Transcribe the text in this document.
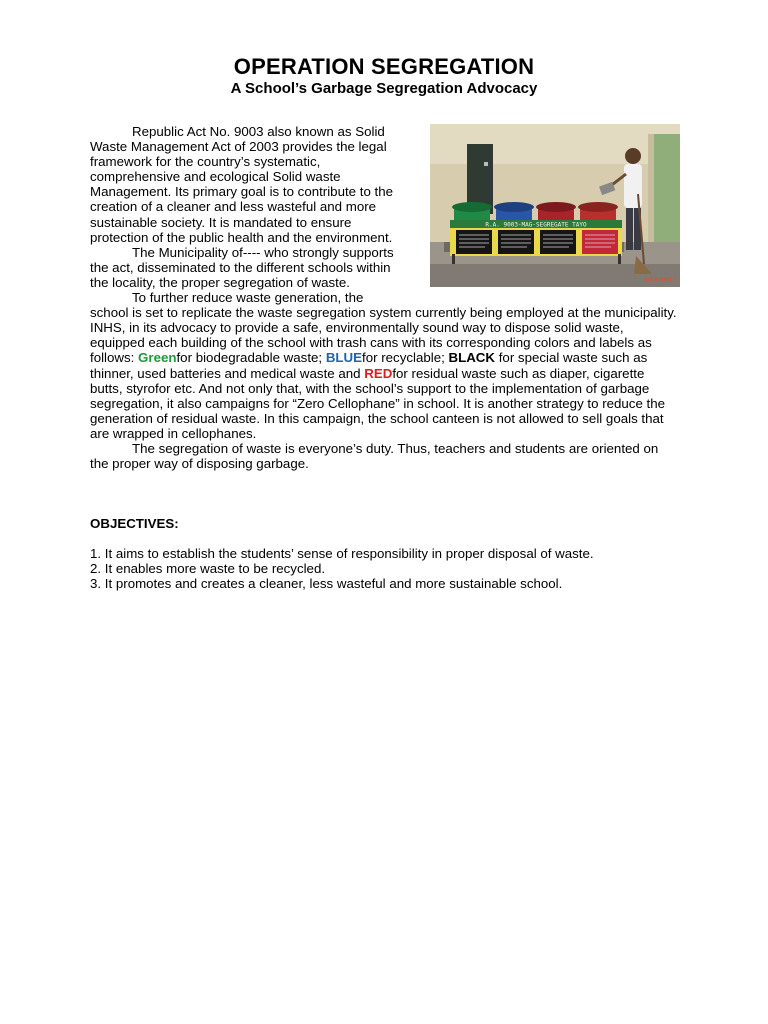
OPERATION SEGREGATION
A School’s Garbage Segregation Advocacy
R.A. 9003-MAG-SEGREGATE TAYO
2016/06/17

Republic Act No. 9003 also known as Solid Waste Management Act of 2003 provides the legal framework for the country’s systematic, comprehensive and ecological Solid waste Management. Its primary goal is to contribute to the creation of a cleaner and less wasteful and more sustainable society. It is mandated to ensure protection of the public health and the environment.

The Municipality of---- who strongly supports the act, disseminated to the different schools within the locality, the proper segregation of waste.

To further reduce waste generation, the school is set to replicate the waste segregation system currently being employed at the municipality. INHS, in its advocacy to provide a safe, environmentally sound way to dispose solid waste, equipped each building of the school with trash cans with its corresponding colors and labels as follows: Greenfor biodegradable waste; BLUEfor recyclable; BLACK for special waste such as thinner, used batteries and medical waste and REDfor residual waste such as diaper, cigarette butts, styrofor etc. And not only that, with the school’s support to the implementation of garbage segregation, it also campaigns for “Zero Cellophane” in school. It is another strategy to reduce the generation of residual waste. In this campaign, the school canteen is not allowed to sell goals that are wrapped in cellophanes.

The segregation of waste is everyone’s duty. Thus, teachers and students are oriented on the proper way of disposing garbage.

OBJECTIVES:
1. It aims to establish the students’ sense of responsibility in proper disposal of waste.
2. It enables more waste to be recycled.
3. It promotes and creates a cleaner, less wasteful and more sustainable school.
